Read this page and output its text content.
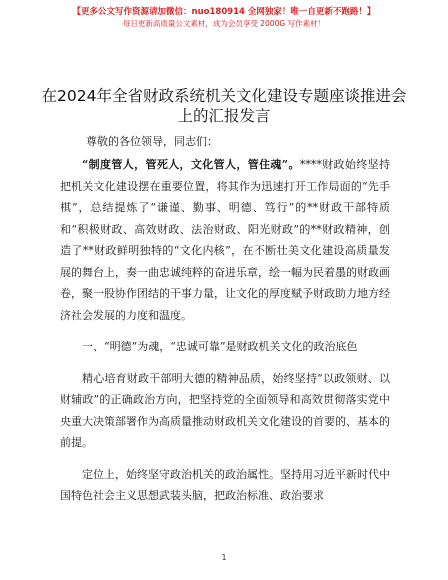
【更多公文写作资源请加微信：nuo180914 全网独家！唯一自更新不跑路！】
每日更新高质量公文素材，成为会员享受 2000G 写作素材！
在2024年全省财政系统机关文化建设专题座谈推进会上的汇报发言
尊敬的各位领导，同志们：

“制度管人，管死人，文化管人，管住魂”。****财政始终坚持把机关文化建设摆在重要位置，将其作为迅速打开工作局面的“先手棋”，总结提炼了“谦谨、勤事、明德、笃行”的**财政干部特质和“积极财政、高效财政、法治财政、阳光财政”的**财政精神，创造了**财政鲜明独特的“文化内核”，在不断壮美文化建设高质量发展的舞台上，奏一曲忠诚纯粹的奋进乐章，绘一幅为民着墨的财政画卷，聚一股协作团结的干事力量，让文化的厚度赋予财政助力地方经济社会发展的力度和温度。

一、“明德”为魂，“忠诚可靠”是财政机关文化的政治底色

精心培育财政干部明大德的精神品质，始终坚持“以政领财、以财辅政”的正确政治方向，把坚持党的全面领导和高效贯彻落实党中央重大决策部署作为高质量推动财政机关文化建设的首要的、基本的前提。

定位上，始终坚守政治机关的政治属性。坚持用习近平新时代中国特色社会主义思想武装头脑，把政治标准、政治要求

1
